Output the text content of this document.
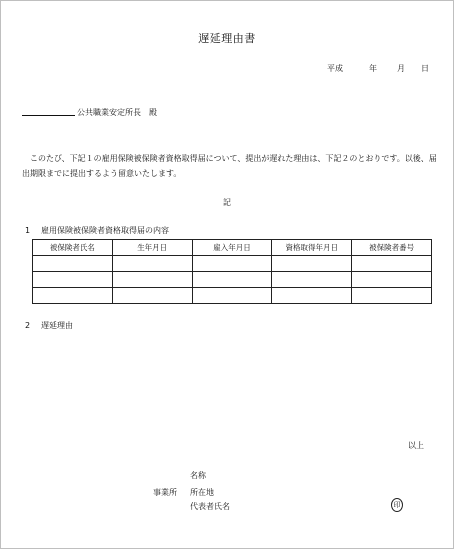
遅延理由書
平成	年	月 日
公共職業安定所長　殿
このたび、下記１の雇用保険被保険者資格取得届について、提出が遅れた理由は、下記２のとおりです。以後、届出期限までに提出するよう留意いたします。
記
1 雇用保険被保険者資格取得届の内容
被保険者氏名	生年月日	雇入年月日	資格取得年月日	被保険者番号

2 遅延理由
以上
名称
事業所 所在地
代表者氏名	印
